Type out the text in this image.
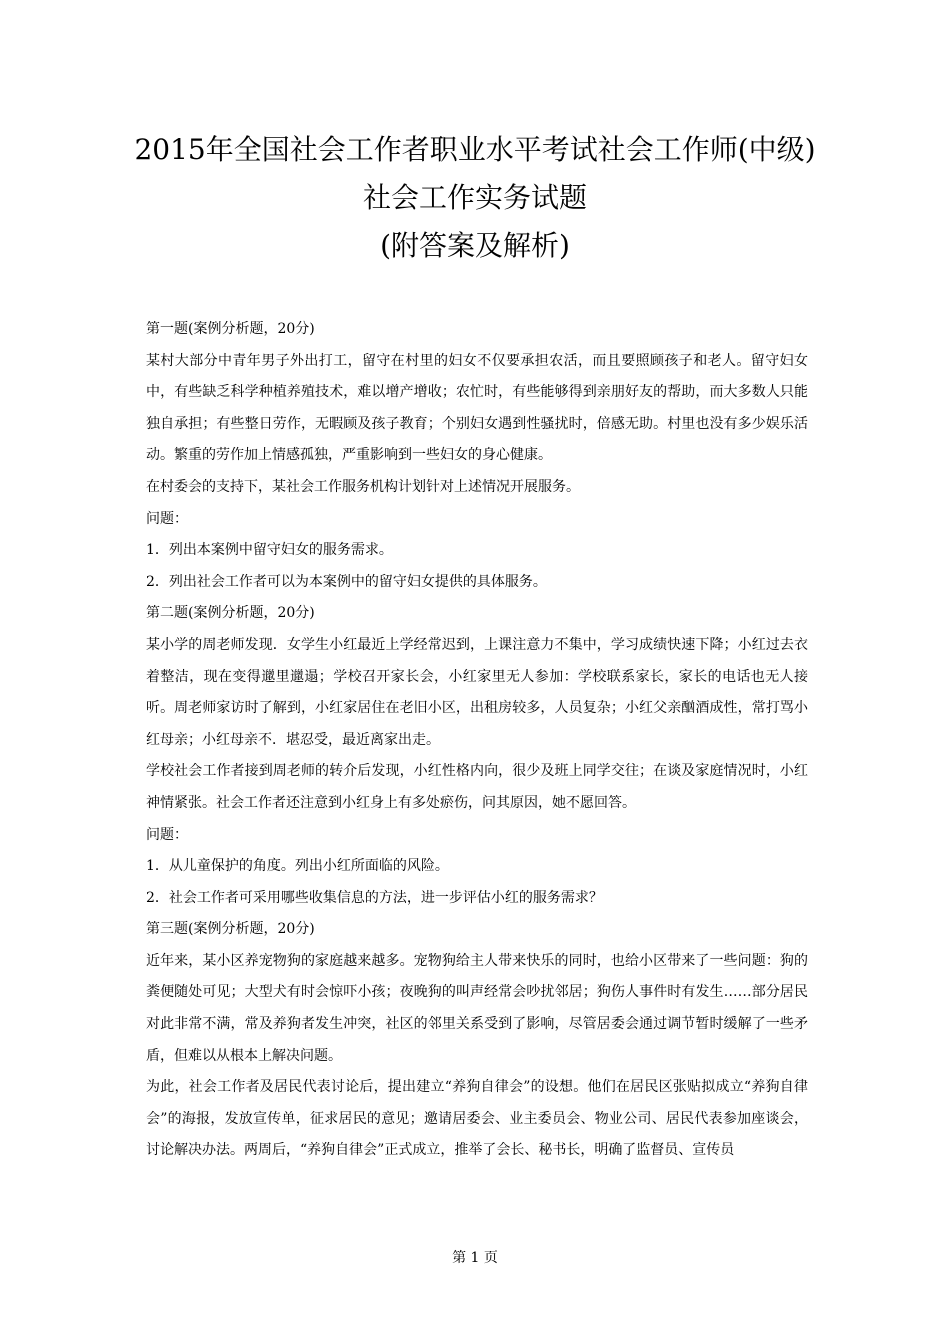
2015年全国社会工作者职业水平考试社会工作师(中级)
社会工作实务试题
(附答案及解析)

第一题(案例分析题，20分)

某村大部分中青年男子外出打工，留守在村里的妇女不仅要承担农活，而且要照顾孩子和老人。留守妇女中，有些缺乏科学种植养殖技术，难以增产增收；农忙时，有些能够得到亲朋好友的帮助，而大多数人只能独自承担；有些整日劳作，无暇顾及孩子教育；个别妇女遇到性骚扰时，倍感无助。村里也没有多少娱乐活动。繁重的劳作加上情感孤独，严重影响到一些妇女的身心健康。

在村委会的支持下，某社会工作服务机构计划针对上述情况开展服务。

问题：

1．列出本案例中留守妇女的服务需求。

2．列出社会工作者可以为本案例中的留守妇女提供的具体服务。

第二题(案例分析题，20分)

某小学的周老师发现．女学生小红最近上学经常迟到，上课注意力不集中，学习成绩快速下降；小红过去衣着整洁，现在变得邋里邋遢；学校召开家长会，小红家里无人参加：学校联系家长，家长的电话也无人接听。周老师家访时了解到，小红家居住在老旧小区，出租房较多，人员复杂；小红父亲酗酒成性，常打骂小红母亲；小红母亲不．堪忍受，最近离家出走。

学校社会工作者接到周老师的转介后发现，小红性格内向，很少及班上同学交往；在谈及家庭情况时，小红神情紧张。社会工作者还注意到小红身上有多处瘀伤，问其原因，她不愿回答。

问题：

1．从儿童保护的角度。列出小红所面临的风险。

2．社会工作者可采用哪些收集信息的方法，进一步评估小红的服务需求？

第三题(案例分析题，20分)

近年来，某小区养宠物狗的家庭越来越多。宠物狗给主人带来快乐的同时，也给小区带来了一些问题：狗的粪便随处可见；大型犬有时会惊吓小孩；夜晚狗的叫声经常会吵扰邻居；狗伤人事件时有发生……部分居民对此非常不满，常及养狗者发生冲突，社区的邻里关系受到了影响，尽管居委会通过调节暂时缓解了一些矛盾，但难以从根本上解决问题。

为此，社会工作者及居民代表讨论后，提出建立“养狗自律会”的设想。他们在居民区张贴拟成立“养狗自律会”的海报，发放宣传单，征求居民的意见；邀请居委会、业主委员会、物业公司、居民代表参加座谈会，讨论解决办法。两周后，“养狗自律会”正式成立，推举了会长、秘书长，明确了监督员、宣传员

第 1 页
